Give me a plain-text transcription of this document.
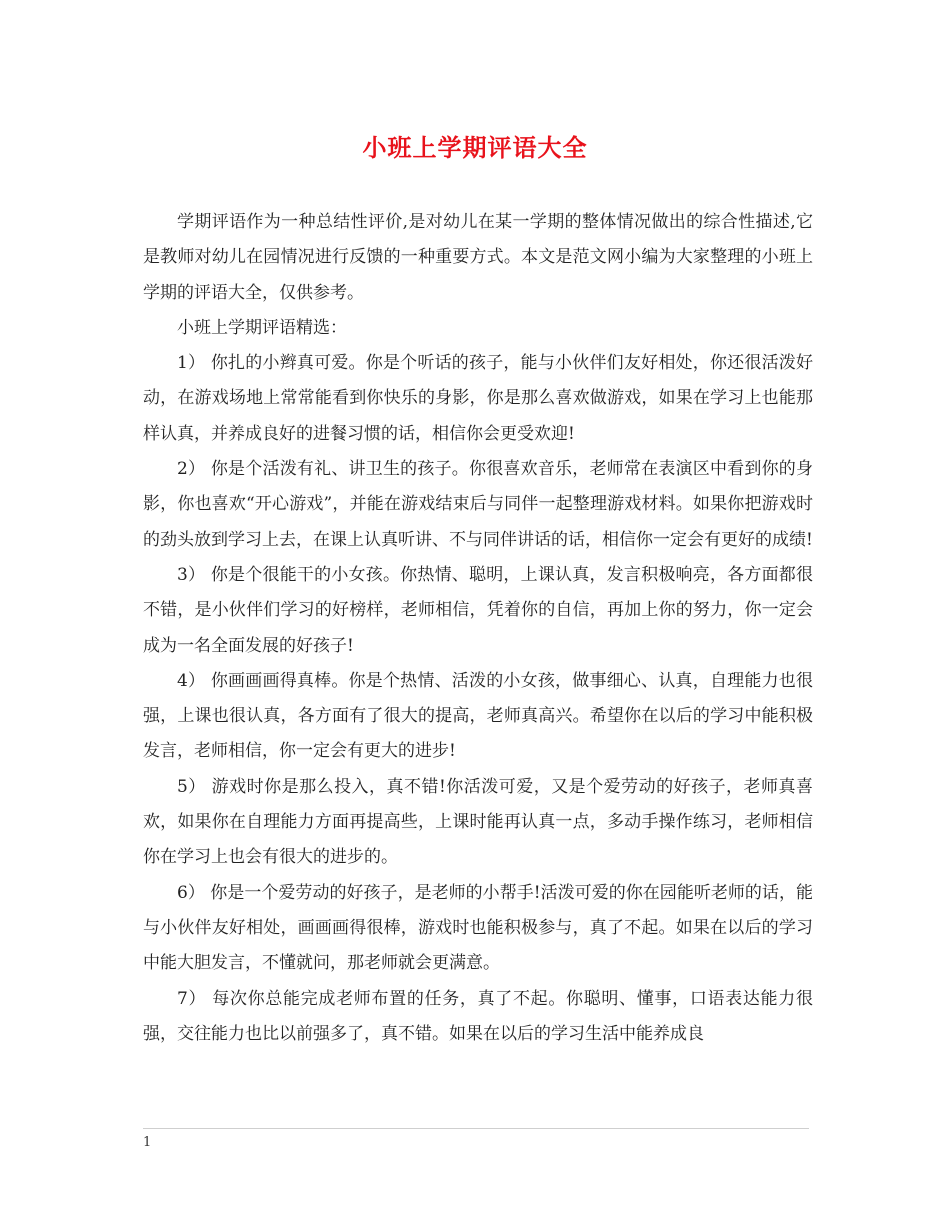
小班上学期评语大全

学期评语作为一种总结性评价,是对幼儿在某一学期的整体情况做出的综合性描述,它是教师对幼儿在园情况进行反馈的一种重要方式。本文是范文网小编为大家整理的小班上学期的评语大全，仅供参考。

小班上学期评语精选：

1） 你扎的小辫真可爱。你是个听话的孩子，能与小伙伴们友好相处，你还很活泼好动，在游戏场地上常常能看到你快乐的身影，你是那么喜欢做游戏，如果在学习上也能那样认真，并养成良好的进餐习惯的话，相信你会更受欢迎!

2） 你是个活泼有礼、讲卫生的孩子。你很喜欢音乐，老师常在表演区中看到你的身影，你也喜欢“开心游戏”，并能在游戏结束后与同伴一起整理游戏材料。如果你把游戏时的劲头放到学习上去，在课上认真听讲、不与同伴讲话的话，相信你一定会有更好的成绩!

3） 你是个很能干的小女孩。你热情、聪明，上课认真，发言积极响亮，各方面都很不错，是小伙伴们学习的好榜样，老师相信，凭着你的自信，再加上你的努力，你一定会成为一名全面发展的好孩子!

4） 你画画画得真棒。你是个热情、活泼的小女孩，做事细心、认真，自理能力也很强，上课也很认真，各方面有了很大的提高，老师真高兴。希望你在以后的学习中能积极发言，老师相信，你一定会有更大的进步!

5） 游戏时你是那么投入，真不错!你活泼可爱，又是个爱劳动的好孩子，老师真喜欢，如果你在自理能力方面再提高些，上课时能再认真一点，多动手操作练习，老师相信你在学习上也会有很大的进步的。

6） 你是一个爱劳动的好孩子，是老师的小帮手!活泼可爱的你在园能听老师的话，能与小伙伴友好相处，画画画得很棒，游戏时也能积极参与，真了不起。如果在以后的学习中能大胆发言，不懂就问，那老师就会更满意。

7） 每次你总能完成老师布置的任务，真了不起。你聪明、懂事，口语表达能力很强，交往能力也比以前强多了，真不错。如果在以后的学习生活中能养成良

1
